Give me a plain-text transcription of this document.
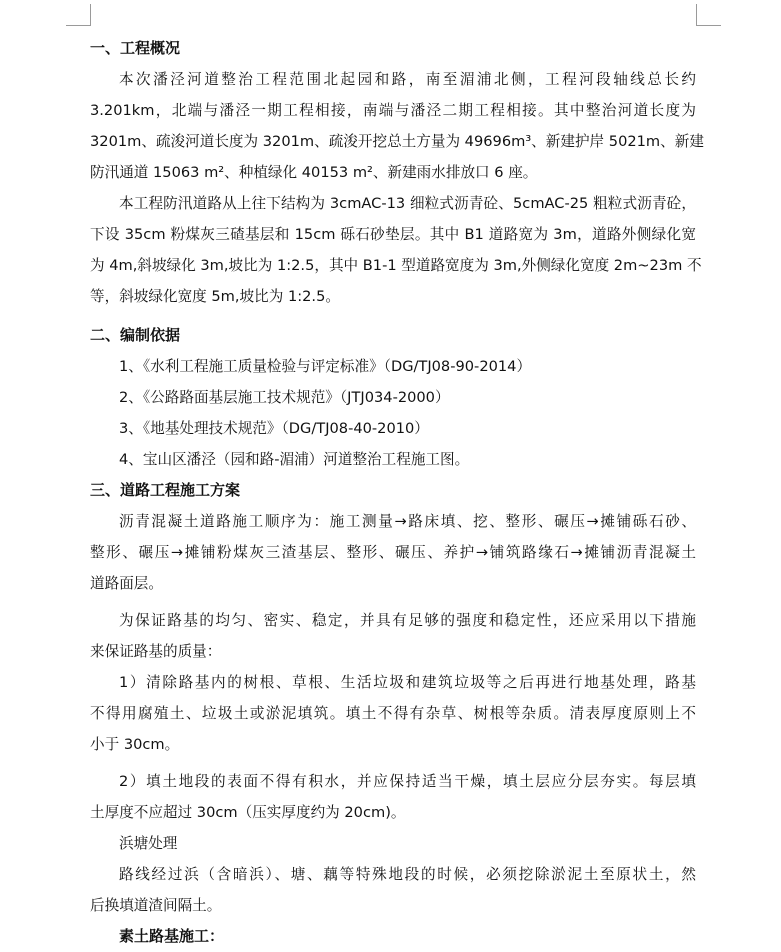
一、工程概况
本次潘泾河道整治工程范围北起园和路，南至湄浦北侧，工程河段轴线总长约
3.201km，北端与潘泾一期工程相接，南端与潘泾二期工程相接。其中整治河道长度为
3201m、疏浚河道长度为 3201m、疏浚开挖总土方量为 49696m³、新建护岸 5021m、新建
防汛通道 15063 m²、种植绿化 40153 m²、新建雨水排放口 6 座。
本工程防汛道路从上往下结构为 3cmAC-13 细粒式沥青砼、5cmAC-25 粗粒式沥青砼，
下设 35cm 粉煤灰三碴基层和 15cm 砾石砂垫层。其中 B1 道路宽为 3m，道路外侧绿化宽
为 4m,斜坡绿化 3m,坡比为 1:2.5，其中 B1-1 型道路宽度为 3m,外侧绿化宽度 2m~23m 不
等，斜坡绿化宽度 5m,坡比为 1:2.5。
二、编制依据
1、《水利工程施工质量检验与评定标准》（DG/TJ08-90-2014）
2、《公路路面基层施工技术规范》（JTJ034-2000）
3、《地基处理技术规范》（DG/TJ08-40-2010）
4、宝山区潘泾（园和路-湄浦）河道整治工程施工图。
三、道路工程施工方案
沥青混凝土道路施工顺序为：施工测量→路床填、挖、整形、碾压→摊铺砾石砂、
整形、碾压→摊铺粉煤灰三渣基层、整形、碾压、养护→铺筑路缘石→摊铺沥青混凝土
道路面层。
为保证路基的均匀、密实、稳定，并具有足够的强度和稳定性，还应采用以下措施
来保证路基的质量：
1）清除路基内的树根、草根、生活垃圾和建筑垃圾等之后再进行地基处理，路基
不得用腐殖土、垃圾土或淤泥填筑。填土不得有杂草、树根等杂质。清表厚度原则上不
小于 30cm。
2）填土地段的表面不得有积水，并应保持适当干燥，填土层应分层夯实。每层填
土厚度不应超过 30cm（压实厚度约为 20cm)。
浜塘处理
路线经过浜（含暗浜）、塘、藕等特殊地段的时候，必须挖除淤泥土至原状土，然
后换填道渣间隔土。
素土路基施工：
